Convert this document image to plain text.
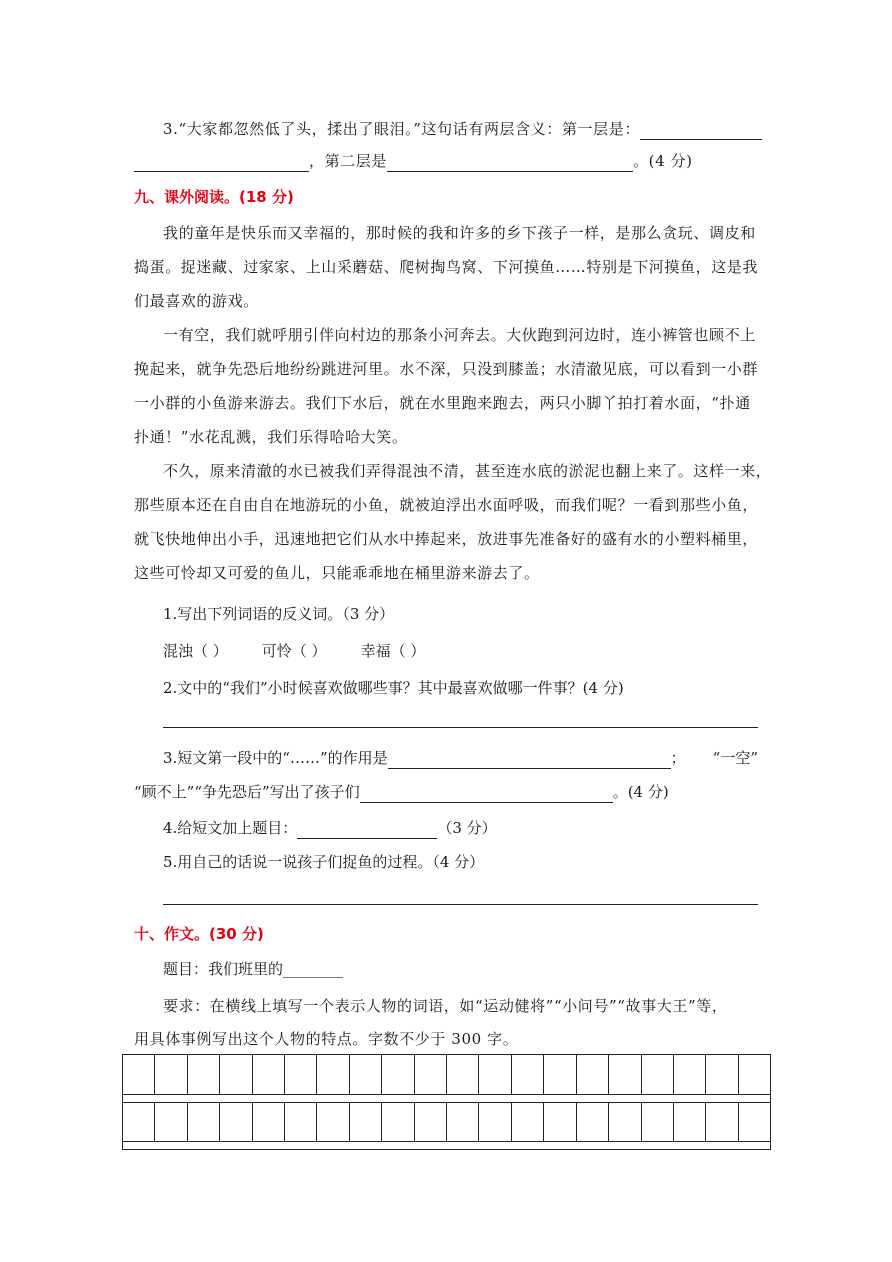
3.“大家都忽然低了头，揉出了眼泪。”这句话有两层含义：第一层是：
，第二层是	。(4 分)
九、课外阅读。(18 分)
我的童年是快乐而又幸福的，那时候的我和许多的乡下孩子一样，是那么贪玩、调皮和
捣蛋。捉迷藏、过家家、上山采蘑菇、爬树掏鸟窝、下河摸鱼……特别是下河摸鱼，这是我
们最喜欢的游戏。
一有空，我们就呼朋引伴向村边的那条小河奔去。大伙跑到河边时，连小裤管也顾不上
挽起来，就争先恐后地纷纷跳进河里。水不深，只没到膝盖；水清澈见底，可以看到一小群
一小群的小鱼游来游去。我们下水后，就在水里跑来跑去，两只小脚丫拍打着水面，“扑通
扑通！”水花乱溅，我们乐得哈哈大笑。
不久，原来清澈的水已被我们弄得混浊不清，甚至连水底的淤泥也翻上来了。这样一来，
那些原本还在自由自在地游玩的小鱼，就被迫浮出水面呼吸，而我们呢？一看到那些小鱼，
就飞快地伸出小手，迅速地把它们从水中捧起来，放进事先准备好的盛有水的小塑料桶里，
这些可怜却又可爱的鱼儿，只能乖乖地在桶里游来游去了。
1.写出下列词语的反义词。（3 分）
混浊（ ） 可怜（ ） 幸福（ ）
2.文中的“我们”小时候喜欢做哪些事？其中最喜欢做哪一件事？(4 分)
3.短文第一段中的“……”的作用是	； “一空”
“顾不上”“争先恐后”写出了孩子们	。(4 分)
4.给短文加上题目：	（3 分）
5.用自己的话说一说孩子们捉鱼的过程。（4 分）
十、作文。(30 分)
题目：我们班里的________
要求：在横线上填写一个表示人物的词语，如“运动健将”“小问号”“故事大王”等，
用具体事例写出这个人物的特点。字数不少于 300 字。
